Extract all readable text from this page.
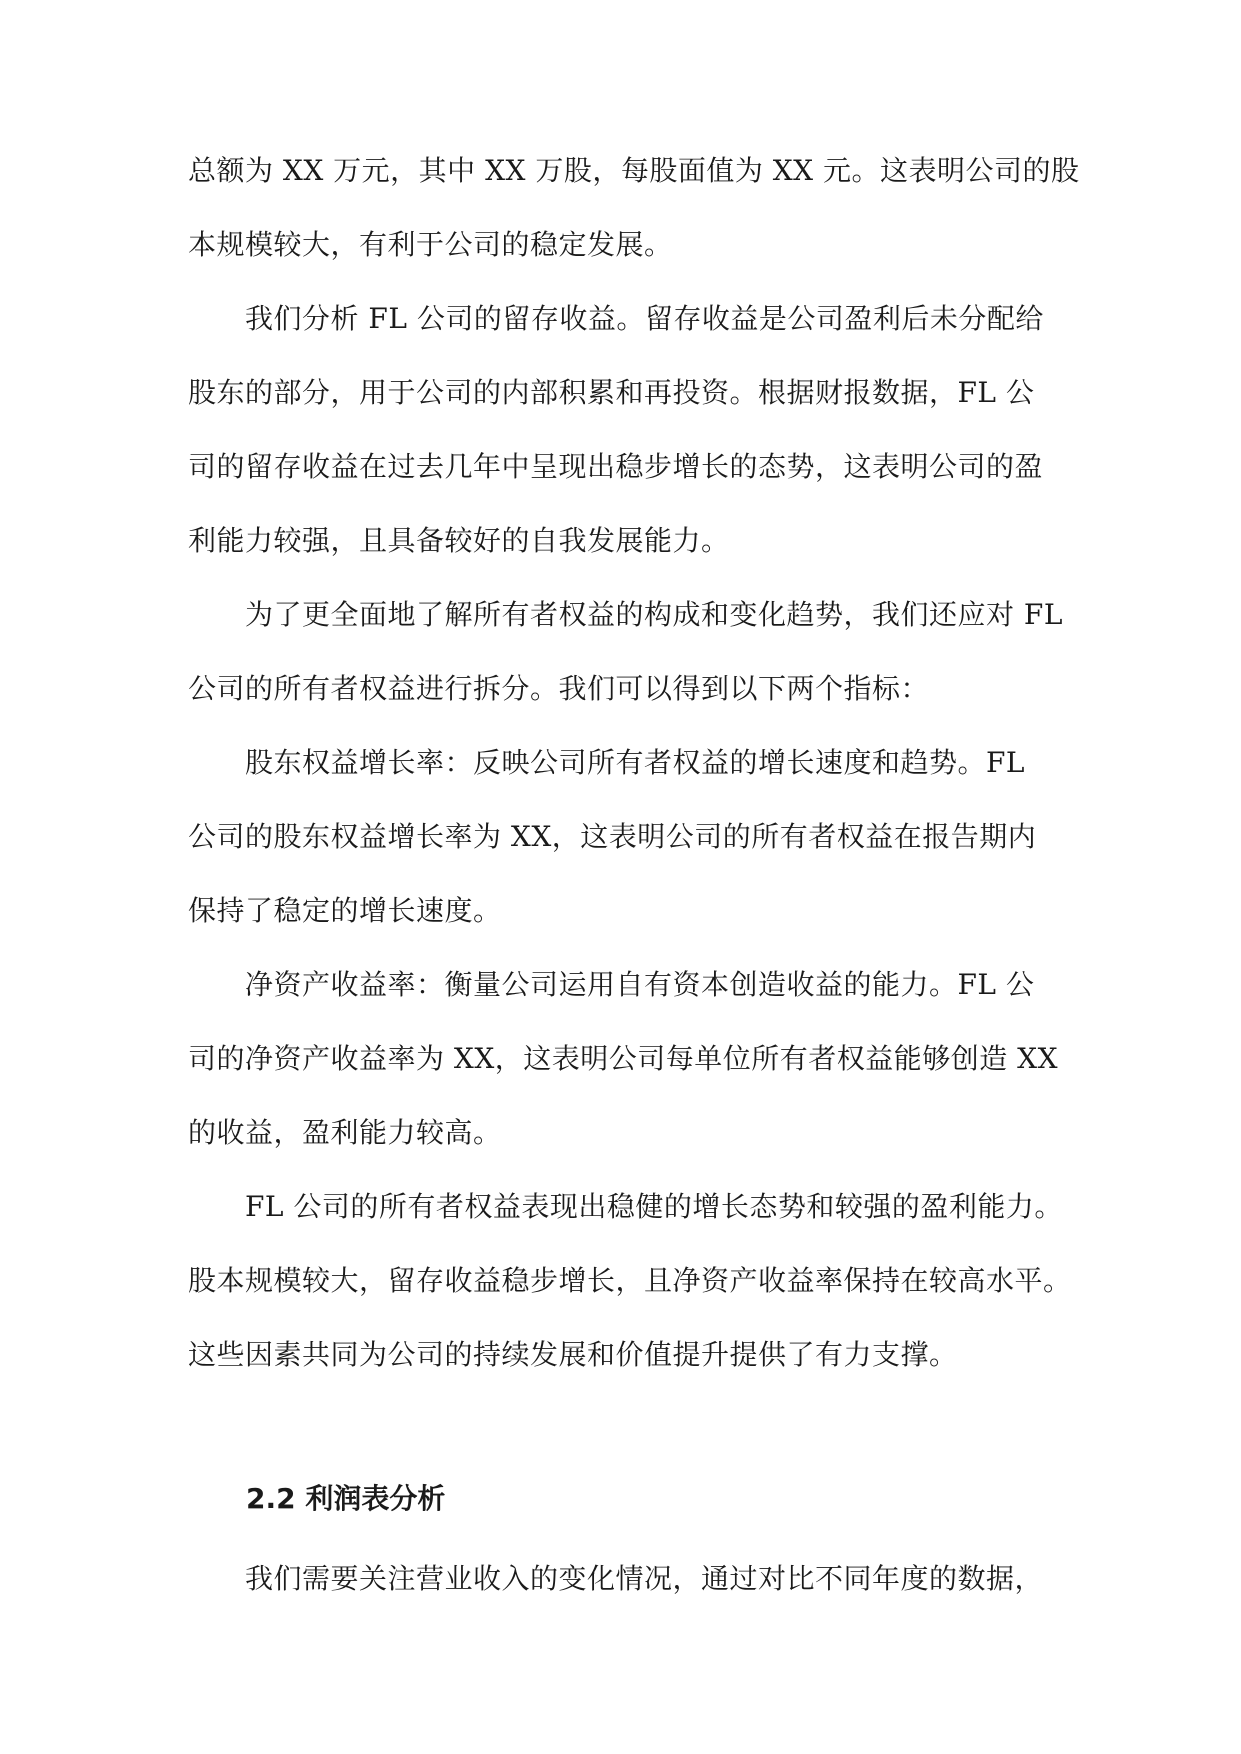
总额为 XX 万元，其中 XX 万股，每股面值为 XX 元。这表明公司的股
本规模较大，有利于公司的稳定发展。
　　我们分析 FL 公司的留存收益。留存收益是公司盈利后未分配给
股东的部分，用于公司的内部积累和再投资。根据财报数据，FL 公
司的留存收益在过去几年中呈现出稳步增长的态势，这表明公司的盈
利能力较强，且具备较好的自我发展能力。
　　为了更全面地了解所有者权益的构成和变化趋势，我们还应对 FL
公司的所有者权益进行拆分。我们可以得到以下两个指标：
　　股东权益增长率：反映公司所有者权益的增长速度和趋势。FL
公司的股东权益增长率为 XX，这表明公司的所有者权益在报告期内
保持了稳定的增长速度。
　　净资产收益率：衡量公司运用自有资本创造收益的能力。FL 公
司的净资产收益率为 XX，这表明公司每单位所有者权益能够创造 XX
的收益，盈利能力较高。
　　FL 公司的所有者权益表现出稳健的增长态势和较强的盈利能力。
股本规模较大，留存收益稳步增长，且净资产收益率保持在较高水平。
这些因素共同为公司的持续发展和价值提升提供了有力支撑。
2.2 利润表分析
　　我们需要关注营业收入的变化情况，通过对比不同年度的数据，
